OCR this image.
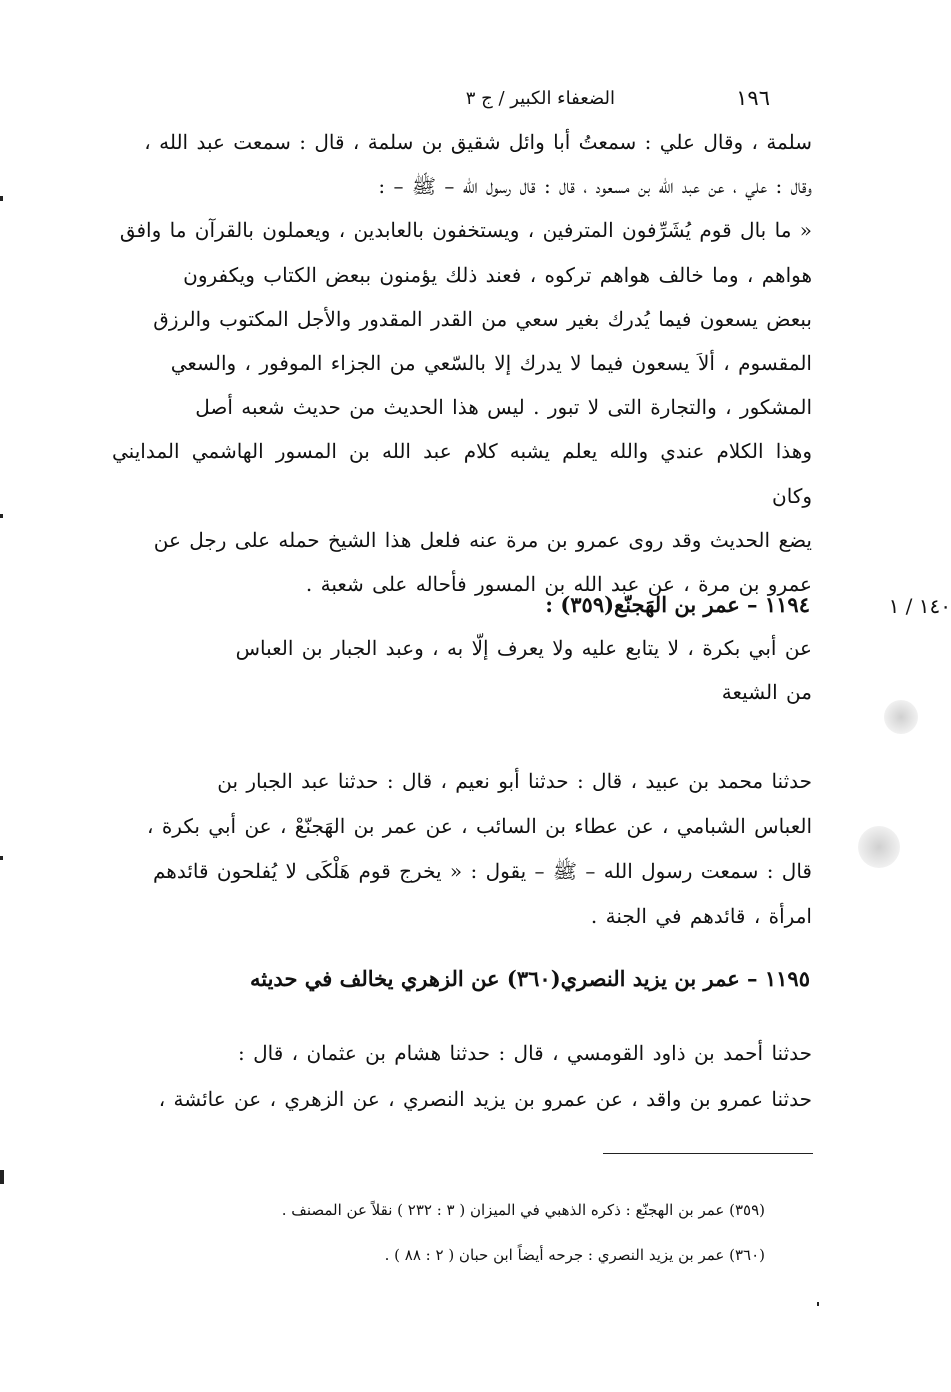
١٩٦
الضعفاء الكبير / ج ٣

سلمة ، وقال علي : سمعتُ أبا وائل شقيق بن سلمة ، قال : سمعت عبد الله ،

وقال : علي ، عن عبد الله بن مسعود ، قال : قال رسول الله – ﷺ – :

« ما بال قوم يُشَرِّفون المترفين ، ويستخفون بالعابدين ، ويعملون بالقرآن ما وافق

هواهم ، وما خالف هواهم تركوه ، فعند ذلك يؤمنون ببعض الكتاب ويكفرون

ببعض يسعون فيما يُدرك بغير سعي من القدر المقدور والأجل المكتوب والرزق

المقسوم ، ألاَ يسعون فيما لا يدرك إلا بالسّعي من الجزاء الموفور ، والسعي

المشكور ، والتجارة التى لا تبور . ليس هذا الحديث من حديث شعبه أصل

وهذا الكلام عندي والله يعلم يشبه كلام عبد الله بن المسور الهاشمي المدايني وكان

يضع الحديث وقد روى عمرو بن مرة عنه فلعل هذا الشيخ حمله على رجل عن

عمرو بن مرة ، عن عبد الله بن المسور فأحاله على شعبة .

١١٩٤ – عمر بن الهَجنّع(٣٥٩) :	١٤٠ / ١

عن أبي بكرة ، لا يتابع عليه ولا يعرف إلّا به ، وعبد الجبار بن العباس

من الشيعة

حدثنا محمد بن عبيد ، قال : حدثنا أبو نعيم ، قال : حدثنا عبد الجبار بن

العباس الشبامي ، عن عطاء بن السائب ، عن عمر بن الهَجنّعْ ، عن أبي بكرة ،

قال : سمعت رسول الله – ﷺ – يقول : « يخرج قوم هَلْكَى لا يُفلحون قائدهم

امرأة ، قائدهم في الجنة .

١١٩٥ – عمر بن يزيد النصري(٣٦٠) عن الزهري يخالف في حديثه

حدثنا أحمد بن ذاود القومسي ، قال : حدثنا هشام بن عثمان ، قال :

حدثنا عمرو بن واقد ، عن عمرو بن يزيد النصري ، عن الزهري ، عن عائشة ،

(٣٥٩) عمر بن الهجنّع : ذكره الذهبي في الميزان ( ٣ : ٢٣٢ ) نقلاً عن المصنف .
(٣٦٠) عمر بن يزيد النصري : جرحه أيضاً ابن حبان ( ٢ : ٨٨ ) .
